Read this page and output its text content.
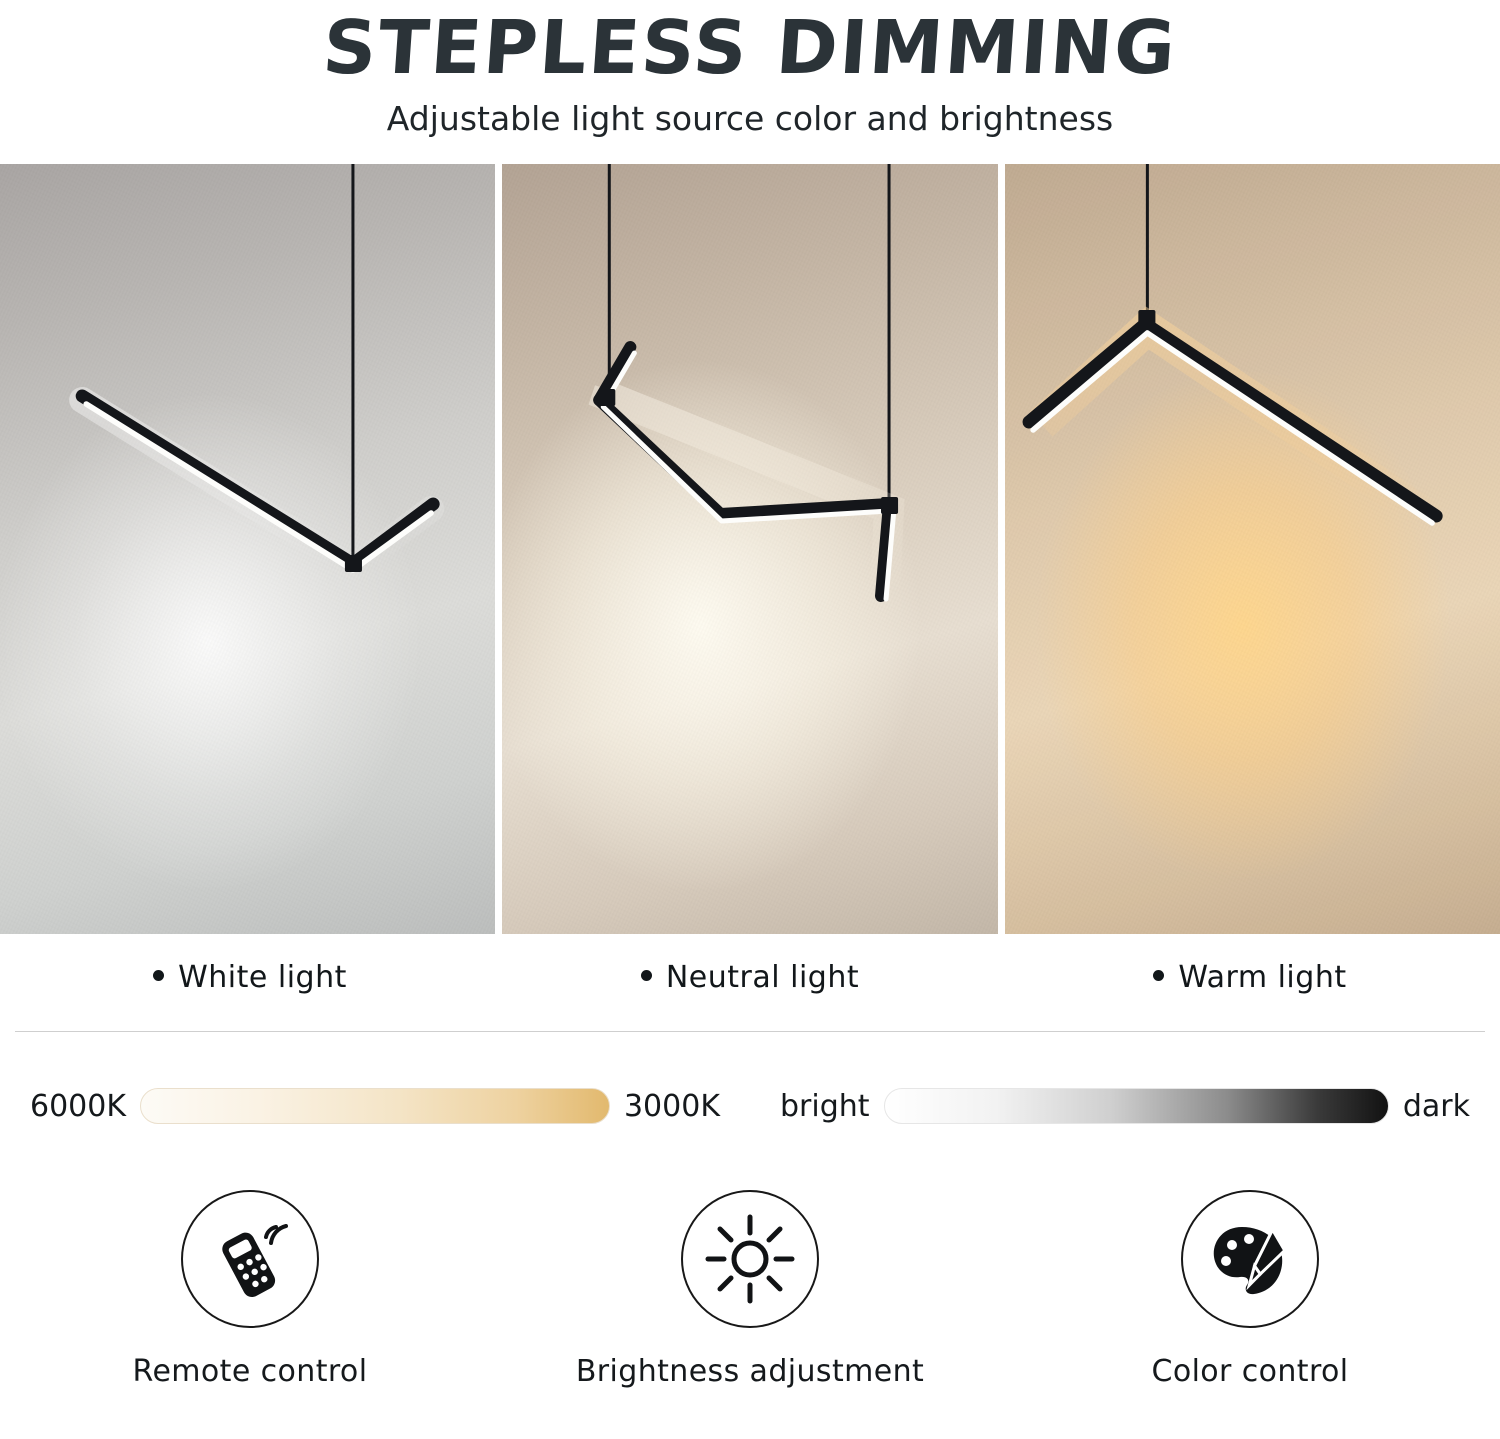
STEPLESS DIMMING

Adjustable light source color and brightness

White light	Neutral light	Warm light
6000K	3000K bright	dark
Remote control	Brightness adjustment	Color control
